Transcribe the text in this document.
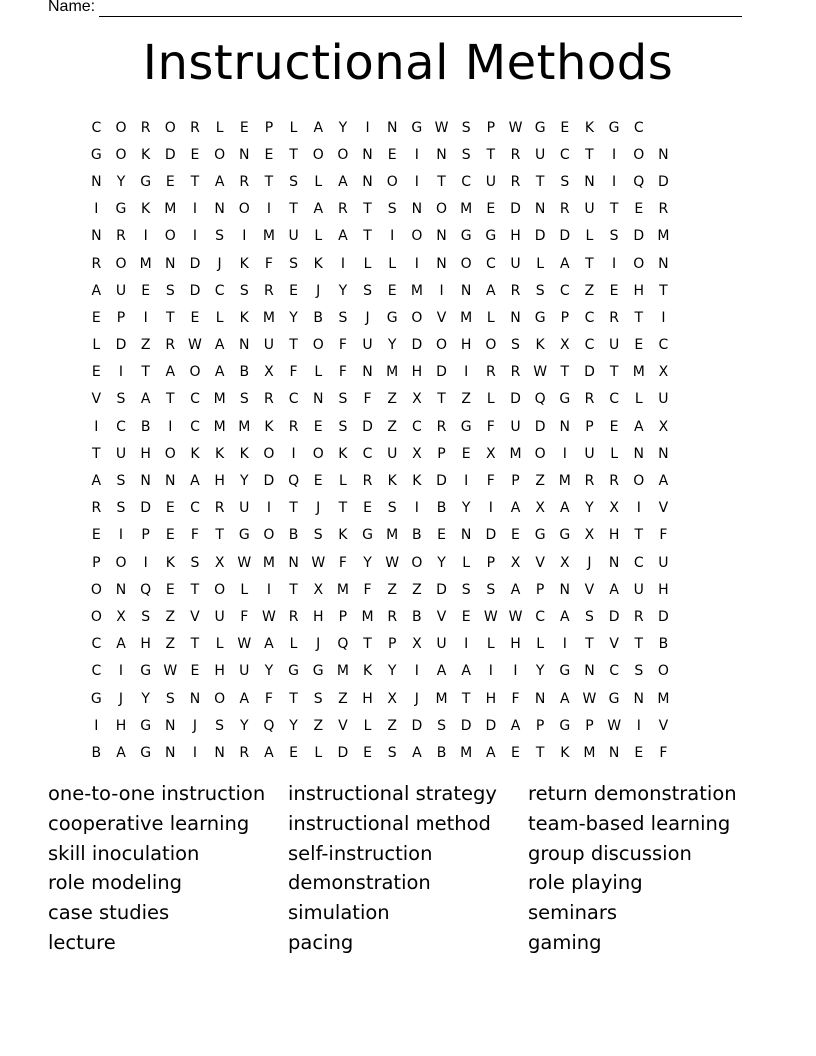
Name:
Instructional Methods
C	O	R	O	R	L	E	P	L	A	Y	I	N G W S	P W G	E	K	G	C
G O	K	D	E	O N	E	T	O O N	E	I	N	S	T	R	U	C	T	I	O N
N	Y	G	E	T	A	R	T	S	L	A	N O	I	T	C	U	R	T	S	N	I	Q D
I	G	K	M	I	N O	I	T	A	R	T	S	N O M	E	D	N	R	U	T	E	R
N	R	I	O	I	S	I	M U	L	A	T	I	O N G G H	D D	L	S	D M
R	O M N	D	J	K	F	S	K	I	L	L	I	N O	C	U	L	A	T	I	O N
A	U	E	S	D	C	S	R	E	J	Y	S	E	M	I	N	A	R	S	C	Z	E	H	T
E	P	I	T	E	L	K	M	Y	B	S	J	G O	V M	L	N G	P	C	R	T	I
L	D	Z	R W A	N	U	T	O	F	U	Y	D O H O	S	K	X	C	U	E	C
E	I	T	A	O	A	B	X	F	L	F	N M H	D	I	R	R W T	D	T	M X
V	S	A	T	C M	S	R	C	N	S	F	Z	X	T	Z	L	D Q G	R	C	L	U
I	C	B	I	C M M	K	R	E	S	D	Z	C	R	G	F	U	D	N	P	E	A	X
T	U	H O	K	K	K	O	I	O	K	C	U	X	P	E	X M O	I	U	L	N	N
A	S	N	N	A	H	Y	D Q	E	L	R	K	K	D	I	F	P	Z M R	R	O	A
R	S	D	E	C	R	U	I	T	J	T	E	S	I	B	Y	I	A	X	A	Y	X	I	V
E	I	P	E	F	T	G O	B	S	K	G M B	E	N	D	E	G G	X	H	T	F
P	O	I	K	S	X W M N W F	Y W O	Y	L	P	X	V	X	J	N	C	U
O N Q	E	T	O	L	I	T	X M	F	Z	Z	D	S	S	A	P	N	V	A	U	H
O	X	S	Z	V	U	F W R	H	P	M R	B	V	E W W C	A	S	D	R	D
C	A	H	Z	T	L W A	L	J	Q	T	P	X	U	I	L	H	L	I	T	V	T	B
C	I	G W E	H	U	Y	G G M	K	Y	I	A	A	I	I	Y	G N	C	S	O
G	J	Y	S	N O	A	F	T	S	Z	H	X	J	M	T	H	F	N	A W G N M
I	H G N	J	S	Y	Q	Y	Z	V	L	Z	D	S	D D	A	P	G	P W	I	V
B	A	G N	I	N	R	A	E	L	D	E	S	A	B M A	E	T	K	M N	E	F
one-to-one instruction
cooperative learning
skill inoculation
role modeling
case studies
lecture
instructional strategy
instructional method
self-instruction
demonstration
simulation
pacing
return demonstration
team-based learning
group discussion
role playing
seminars
gaming
